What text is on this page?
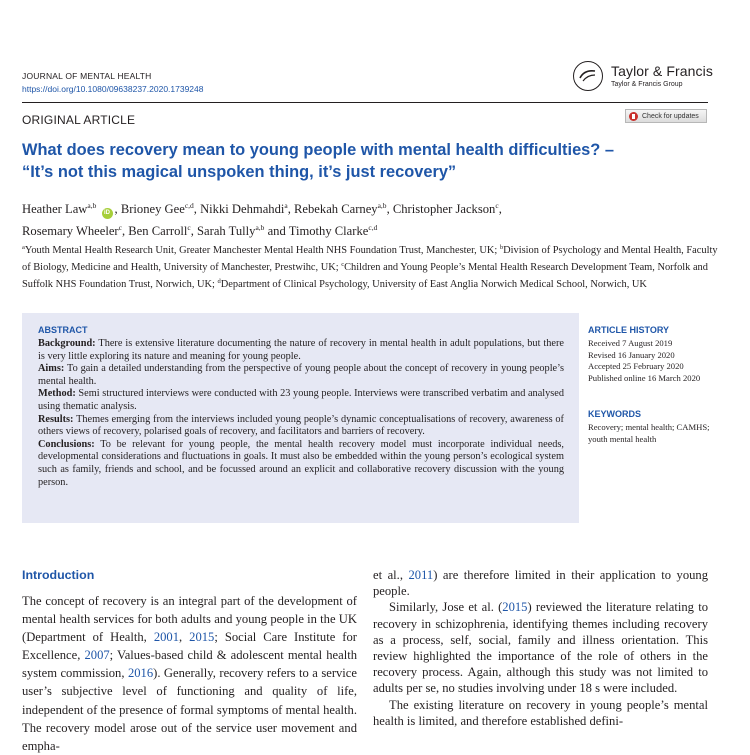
JOURNAL OF MENTAL HEALTH
https://doi.org/10.1080/09638237.2020.1739248
Taylor & Francis
Taylor & Francis Group
ORIGINAL ARTICLE	Check for updates
What does recovery mean to young people with mental health difficulties? –
“It’s not this magical unspoken thing, it’s just recovery”
Heather Law$^{a,b}$ iD , Brioney Gee$^{c,d}$, Nikki Dehmahdi$^a$, Rebekah Carney$^{a,b}$, Christopher Jackson$^c$,
Rosemary Wheeler$^c$, Ben Carroll$^c$, Sarah Tully$^{a,b}$ and Timothy Clarke$^{c,d}$
$^a$Youth Mental Health Research Unit, Greater Manchester Mental Health NHS Foundation Trust, Manchester, UK; $^b$Division of Psychology and Mental Health, Faculty of Biology, Medicine and Health, University of Manchester, Prestwihc, UK; $^c$Children and Young People’s Mental Health Research Development Team, Norfolk and Suffolk NHS Foundation Trust, Norwich, UK; $^d$Department of Clinical Psychology, University of East Anglia Norwich Medical School, Norwich, UK
ABSTRACT

Background: There is extensive literature documenting the nature of recovery in mental health in adult populations, but there is very little exploring its nature and meaning for young people.

Aims: To gain a detailed understanding from the perspective of young people about the concept of recovery in young people’s mental health.

Method: Semi structured interviews were conducted with 23 young people. Interviews were transcribed verbatim and analysed using thematic analysis.

Results: Themes emerging from the interviews included young people’s dynamic conceptualisations of recovery, awareness of others views of recovery, polarised goals of recovery, and facilitators and barriers of recovery.

Conclusions: To be relevant for young people, the mental health recovery model must incorporate individual needs, developmental considerations and fluctuations in goals. It must also be embedded within the young person’s ecological system such as family, friends and school, and be focussed around an explicit and collaborative recovery discussion with the young person.

ARTICLE HISTORY
Received 7 August 2019
Revised 16 January 2020
Accepted 25 February 2020
Published online 16 March 2020
KEYWORDS
Recovery; mental health; CAMHS; youth mental health
Introduction

The concept of recovery is an integral part of the development of mental health services for both adults and young people in the UK (Department of Health, 2001, 2015; Social Care Institute for Excellence, 2007; Values-based child & adolescent mental health system commission, 2016). Generally, recovery refers to a service user’s subjective level of functioning and quality of life, independent of the presence of formal symptoms of mental health. The recovery model arose out of the service user movement and empha-

et al., 2011) are therefore limited in their application to young people.

Similarly, Jose et al. (2015) reviewed the literature relating to recovery in schizophrenia, identifying themes including recovery as a process, self, social, family and illness orientation. This review highlighted the importance of the role of others in the recovery process. Again, although this study was not limited to adults per se, no studies involving under 18 s were included.

The existing literature on recovery in young people’s mental health is limited, and therefore established defini-
